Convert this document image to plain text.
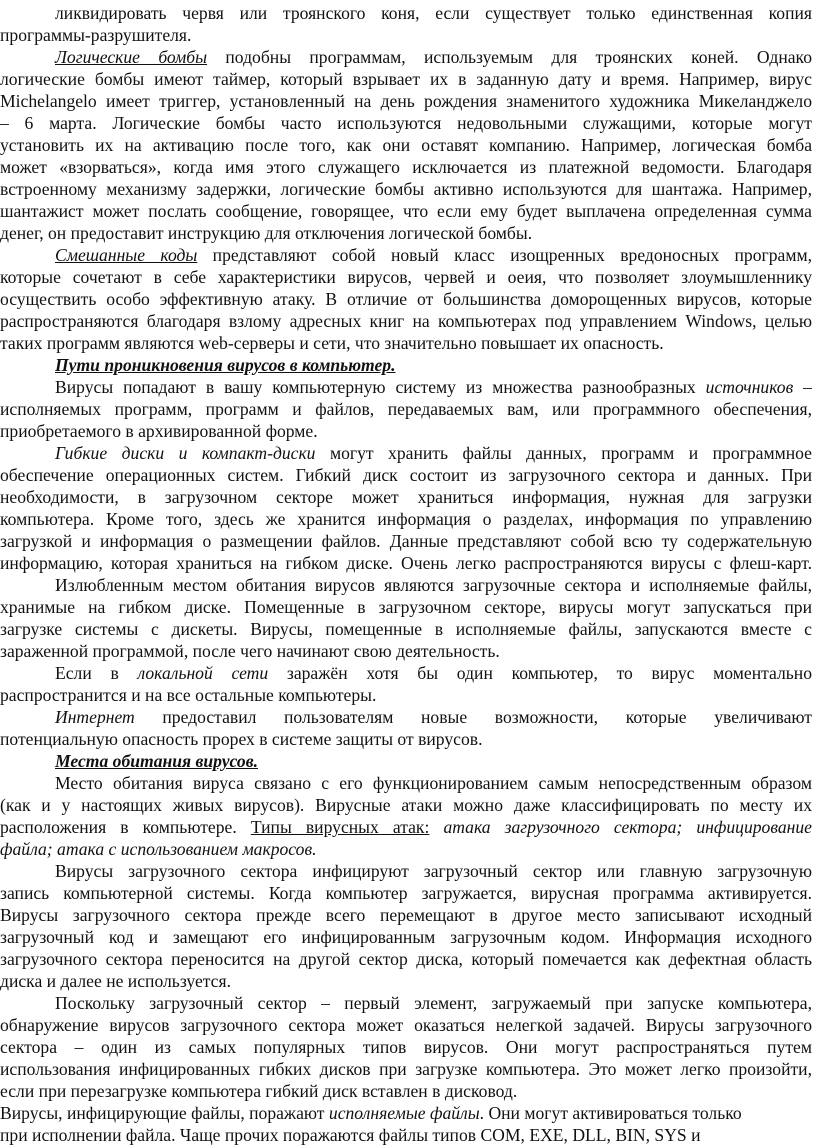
ликвидировать червя или троянского коня, если существует только единственная копия
программы-разрушителя.
Логические бомбы подобны программам, используемым для троянских коней. Однако
логические бомбы имеют таймер, который взрывает их в заданную дату и время. Например, вирус
Michelangelo имеет триггер, установленный на день рождения знаменитого художника Микеланджело
– 6 марта. Логические бомбы часто используются недовольными служащими, которые могут
установить их на активацию после того, как они оставят компанию. Например, логическая бомба
может «взорваться», когда имя этого служащего исключается из платежной ведомости. Благодаря
встроенному механизму задержки, логические бомбы активно используются для шантажа. Например,
шантажист может послать сообщение, говорящее, что если ему будет выплачена определенная сумма
денег, он предоставит инструкцию для отключения логической бомбы.
Смешанные коды представляют собой новый класс изощренных вредоносных программ,
которые сочетают в себе характеристики вирусов, червей и оеия, что позволяет злоумышленнику
осуществить особо эффективную атаку. В отличие от большинства доморощенных вирусов, которые
распространяются благодаря взлому адресных книг на компьютерах под управлением Windows, целью
таких программ являются web-серверы и сети, что значительно повышает их опасность.
Пути проникновения вирусов в компьютер.
Вирусы попадают в вашу компьютерную систему из множества разнообразных источников –
исполняемых программ, программ и файлов, передаваемых вам, или программного обеспечения,
приобретаемого в архивированной форме.
Гибкие диски и компакт-диски могут хранить файлы данных, программ и программное
обеспечение операционных систем. Гибкий диск состоит из загрузочного сектора и данных. При
необходимости, в загрузочном секторе может храниться информация, нужная для загрузки
компьютера. Кроме того, здесь же хранится информация о разделах, информация по управлению
загрузкой и информация о размещении файлов. Данные представляют собой всю ту содержательную
информацию, которая храниться на гибком диске. Очень легко распространяются вирусы с флеш-карт.
Излюбленным местом обитания вирусов являются загрузочные сектора и исполняемые файлы,
хранимые на гибком диске. Помещенные в загрузочном секторе, вирусы могут запускаться при
загрузке системы с дискеты. Вирусы, помещенные в исполняемые файлы, запускаются вместе с
зараженной программой, после чего начинают свою деятельность.
Если в локальной сети заражён хотя бы один компьютер, то вирус моментально
распространится и на все остальные компьютеры.
Интернет предоставил пользователям новые возможности, которые увеличивают
потенциальную опасность прорех в системе защиты от вирусов.
Места обитания вирусов.
Место обитания вируса связано с его функционированием самым непосредственным образом
(как и у настоящих живых вирусов). Вирусные атаки можно даже классифицировать по месту их
расположения в компьютере. Типы вирусных атак: атака загрузочного сектора; инфицирование
файла; атака с использованием макросов.
Вирусы загрузочного сектора инфицируют загрузочный сектор или главную загрузочную
запись компьютерной системы. Когда компьютер загружается, вирусная программа активируется.
Вирусы загрузочного сектора прежде всего перемещают в другое место записывают исходный
загрузочный код и замещают его инфицированным загрузочным кодом. Информация исходного
загрузочного сектора переносится на другой сектор диска, который помечается как дефектная область
диска и далее не используется.
Поскольку загрузочный сектор – первый элемент, загружаемый при запуске компьютера,
обнаружение вирусов загрузочного сектора может оказаться нелегкой задачей. Вирусы загрузочного
сектора – один из самых популярных типов вирусов. Они могут распространяться путем
использования инфицированных гибких дисков при загрузке компьютера. Это может легко произойти,
если при перезагрузке компьютера гибкий диск вставлен в дисковод.
Вирусы, инфицирующие файлы, поражают исполняемые файлы. Они могут активироваться только
при исполнении файла. Чаще прочих поражаются файлы типов COM, EXE, DLL, BIN, SYS и
